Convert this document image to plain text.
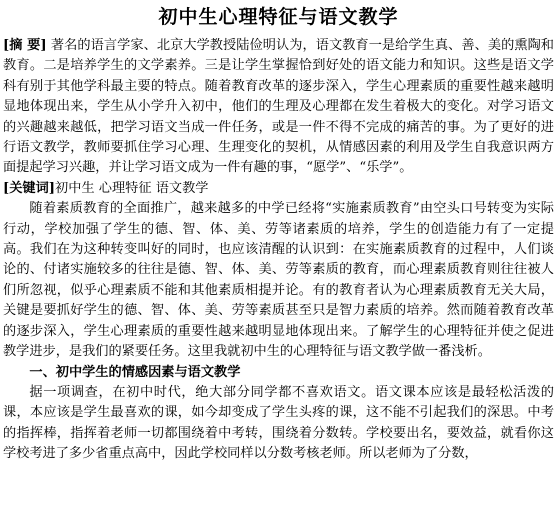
初中生心理特征与语文教学

[摘 要] 著名的语言学家、北京大学教授陆俭明认为，语文教育一是给学生真、善、美的熏陶和教育。二是培养学生的文学素养。三是让学生掌握恰到好处的语文能力和知识。这些是语文学科有别于其他学科最主要的特点。随着教育改革的逐步深入，学生心理素质的重要性越来越明显地体现出来，学生从小学升入初中，他们的生理及心理都在发生着极大的变化。对学习语文的兴趣越来越低，把学习语文当成一件任务，或是一件不得不完成的痛苦的事。为了更好的进行语文教学，教师要抓住学习心理、生理变化的契机，从情感因素的利用及学生自我意识两方面提起学习兴趣，并让学习语文成为一件有趣的事，“愿学”、“乐学”。

[关键词]初中生 心理特征 语文教学

随着素质教育的全面推广，越来越多的中学已经将“实施素质教育”由空头口号转变为实际行动，学校加强了学生的德、智、体、美、劳等诸素质的培养，学生的创造能力有了一定提高。我们在为这种转变叫好的同时，也应该清醒的认识到：在实施素质教育的过程中，人们谈论的、付诸实施较多的往往是德、智、体、美、劳等素质的教育，而心理素质教育则往往被人们所忽视，似乎心理素质不能和其他素质相提并论。有的教育者认为心理素质教育无关大局，关键是要抓好学生的德、智、体、美、劳等素质甚至只是智力素质的培养。然而随着教育改革的逐步深入，学生心理素质的重要性越来越明显地体现出来。了解学生的心理特征并使之促进教学进步，是我们的紧要任务。这里我就初中生的心理特征与语文教学做一番浅析。

一、初中学生的情感因素与语文教学

据一项调查，在初中时代，绝大部分同学都不喜欢语文。语文课本应该是最轻松活泼的课，本应该是学生最喜欢的课，如今却变成了学生头疼的课，这不能不引起我们的深思。中考的指挥棒，指挥着老师一切都围绕着中考转，围绕着分数转。学校要出名，要效益，就看你这学校考进了多少省重点高中，因此学校同样以分数考核老师。所以老师为了分数，
